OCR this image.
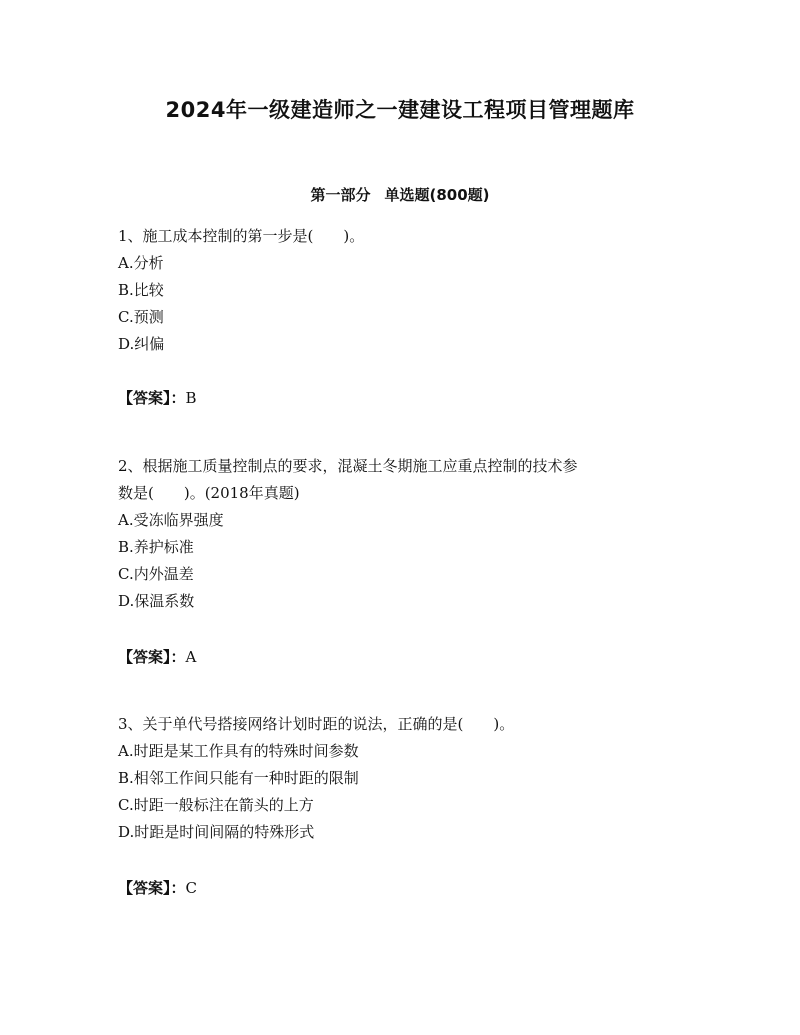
2024年一级建造师之一建建设工程项目管理题库
第一部分 单选题(800题)
1、施工成本控制的第一步是(　　)。
A.分析
B.比较
C.预测
D.纠偏
【答案】：B
2、根据施工质量控制点的要求，混凝土冬期施工应重点控制的技术参
数是(　　)。(2018年真题)
A.受冻临界强度
B.养护标准
C.内外温差
D.保温系数
【答案】：A
3、关于单代号搭接网络计划时距的说法，正确的是(　　)。
A.时距是某工作具有的特殊时间参数
B.相邻工作间只能有一种时距的限制
C.时距一般标注在箭头的上方
D.时距是时间间隔的特殊形式
【答案】：C
